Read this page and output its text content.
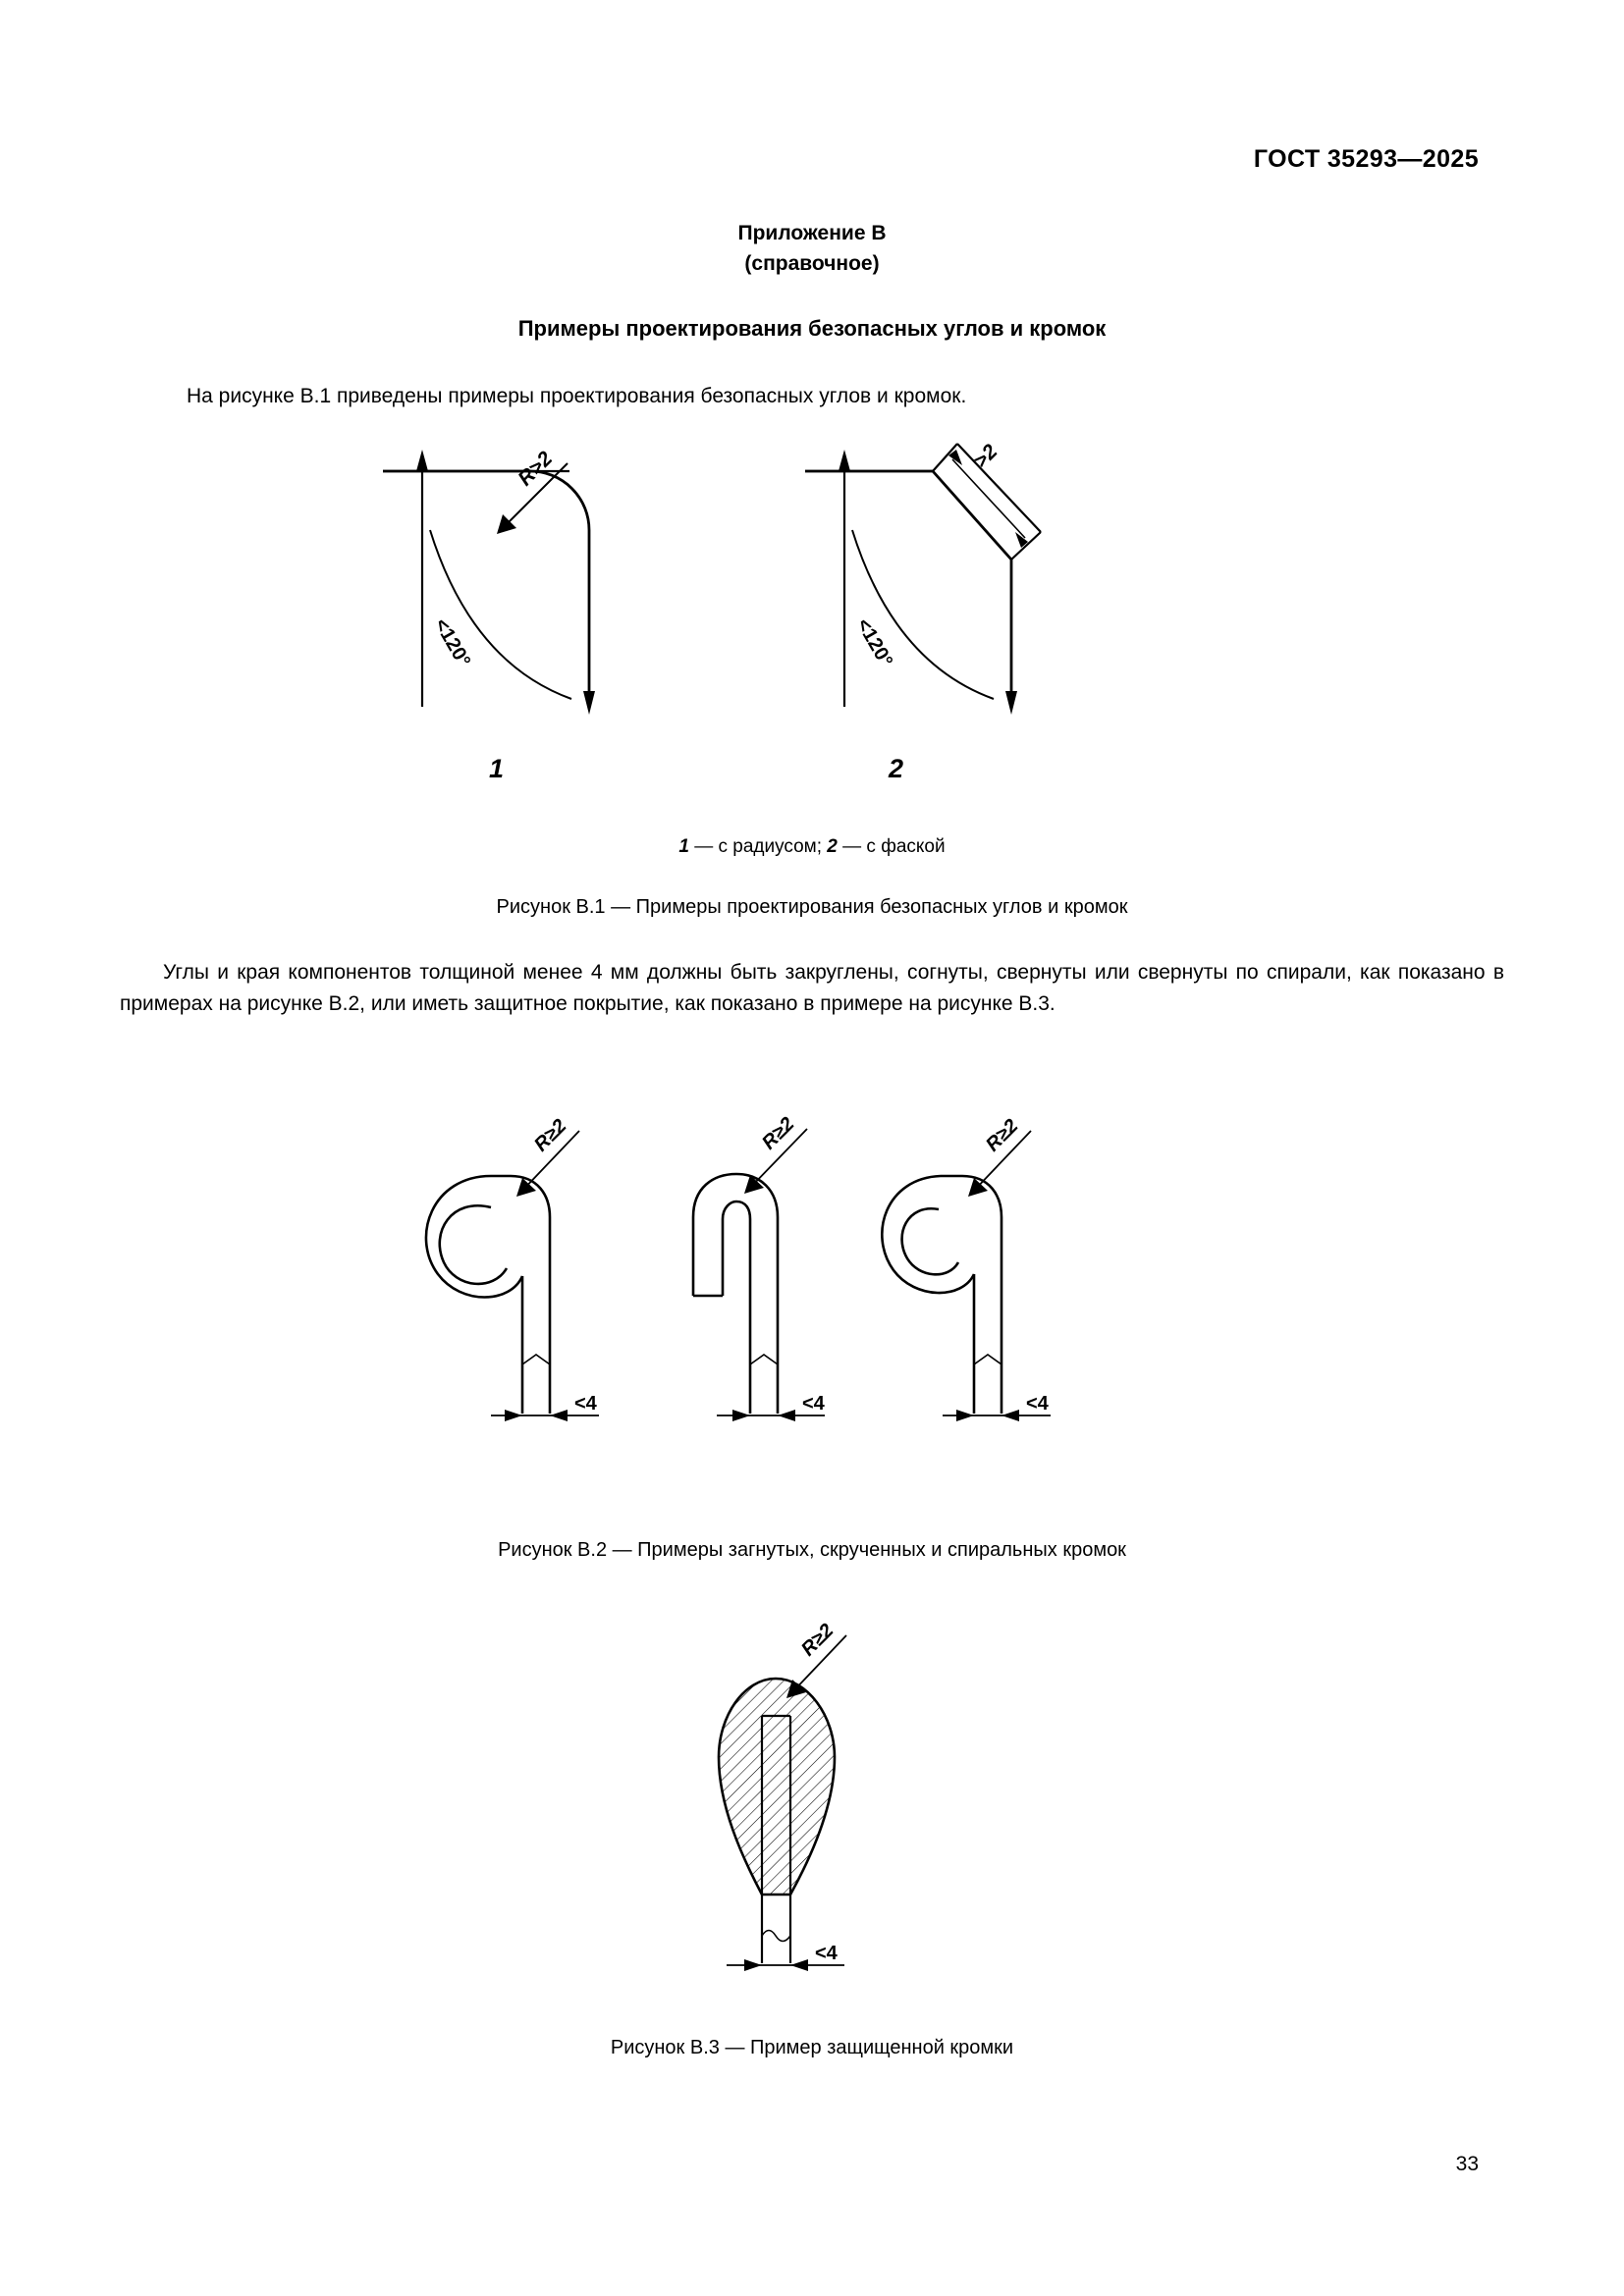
ГОСТ 35293—2025
Приложение В
(справочное)
Примеры проектирования безопасных углов и кромок
На рисунке В.1 приведены примеры проектирования безопасных углов и кромок.
R>2
<120°
>2
<120°
1	2
1 — с радиусом; 2 — с фаской
Рисунок В.1 — Примеры проектирования безопасных углов и кромок
Углы и края компонентов толщиной менее 4 мм должны быть закруглены, согнуты, свернуты или свернуты по спирали, как показано в примерах на рисунке В.2, или иметь защитное покрытие, как показано в примере на рисунке В.3.
<4
R≥2
<4
R≥2
<4
R≥2
Рисунок В.2 — Примеры загнутых, скрученных и спиральных кромок
<4
R≥2
Рисунок В.3 — Пример защищенной кромки
33
